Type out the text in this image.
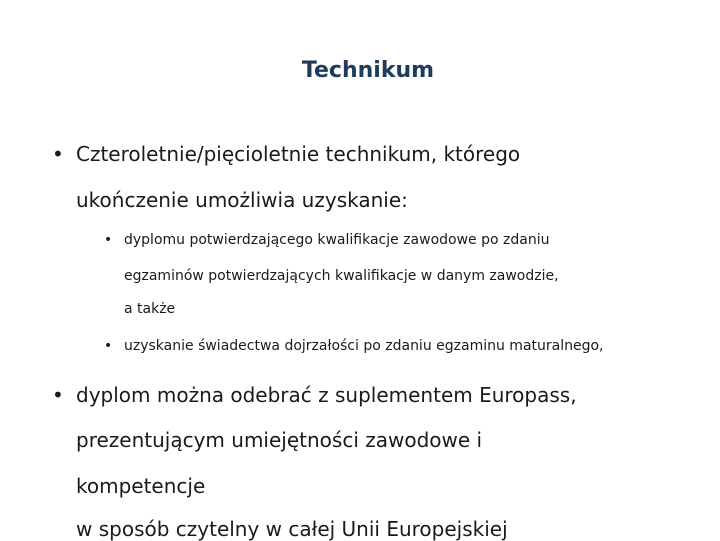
Technikum
• Czteroletnie/pięcioletnie technikum, którego
ukończenie umożliwia uzyskanie:
• dyplomu potwierdzającego kwalifikacje zawodowe po zdaniu
egzaminów potwierdzających kwalifikacje w danym zawodzie,
a także
• uzyskanie świadectwa dojrzałości po zdaniu egzaminu maturalnego,
• dyplom można odebrać z suplementem Europass,
prezentującym umiejętności zawodowe i
kompetencje
w sposób czytelny w całej Unii Europejskiej
